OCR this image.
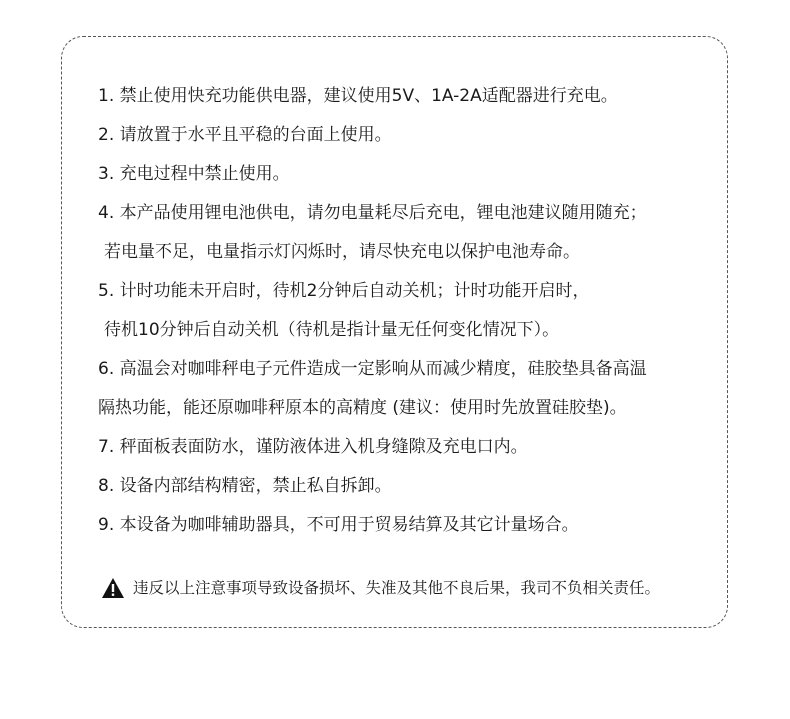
1. 禁止使用快充功能供电器，建议使用5V、1A-2A适配器进行充电。
2. 请放置于水平且平稳的台面上使用。
3. 充电过程中禁止使用。
4. 本产品使用锂电池供电，请勿电量耗尽后充电，锂电池建议随用随充；
若电量不足，电量指示灯闪烁时，请尽快充电以保护电池寿命。
5. 计时功能未开启时，待机2分钟后自动关机；计时功能开启时，
待机10分钟后自动关机（待机是指计量无任何变化情况下）。
6. 高温会对咖啡秤电子元件造成一定影响从而减少精度，硅胶垫具备高温
隔热功能，能还原咖啡秤原本的高精度 (建议：使用时先放置硅胶垫)。
7. 秤面板表面防水，谨防液体进入机身缝隙及充电口内。
8. 设备内部结构精密，禁止私自拆卸。
9. 本设备为咖啡辅助器具，不可用于贸易结算及其它计量场合。
违反以上注意事项导致设备损坏、失准及其他不良后果，我司不负相关责任。
